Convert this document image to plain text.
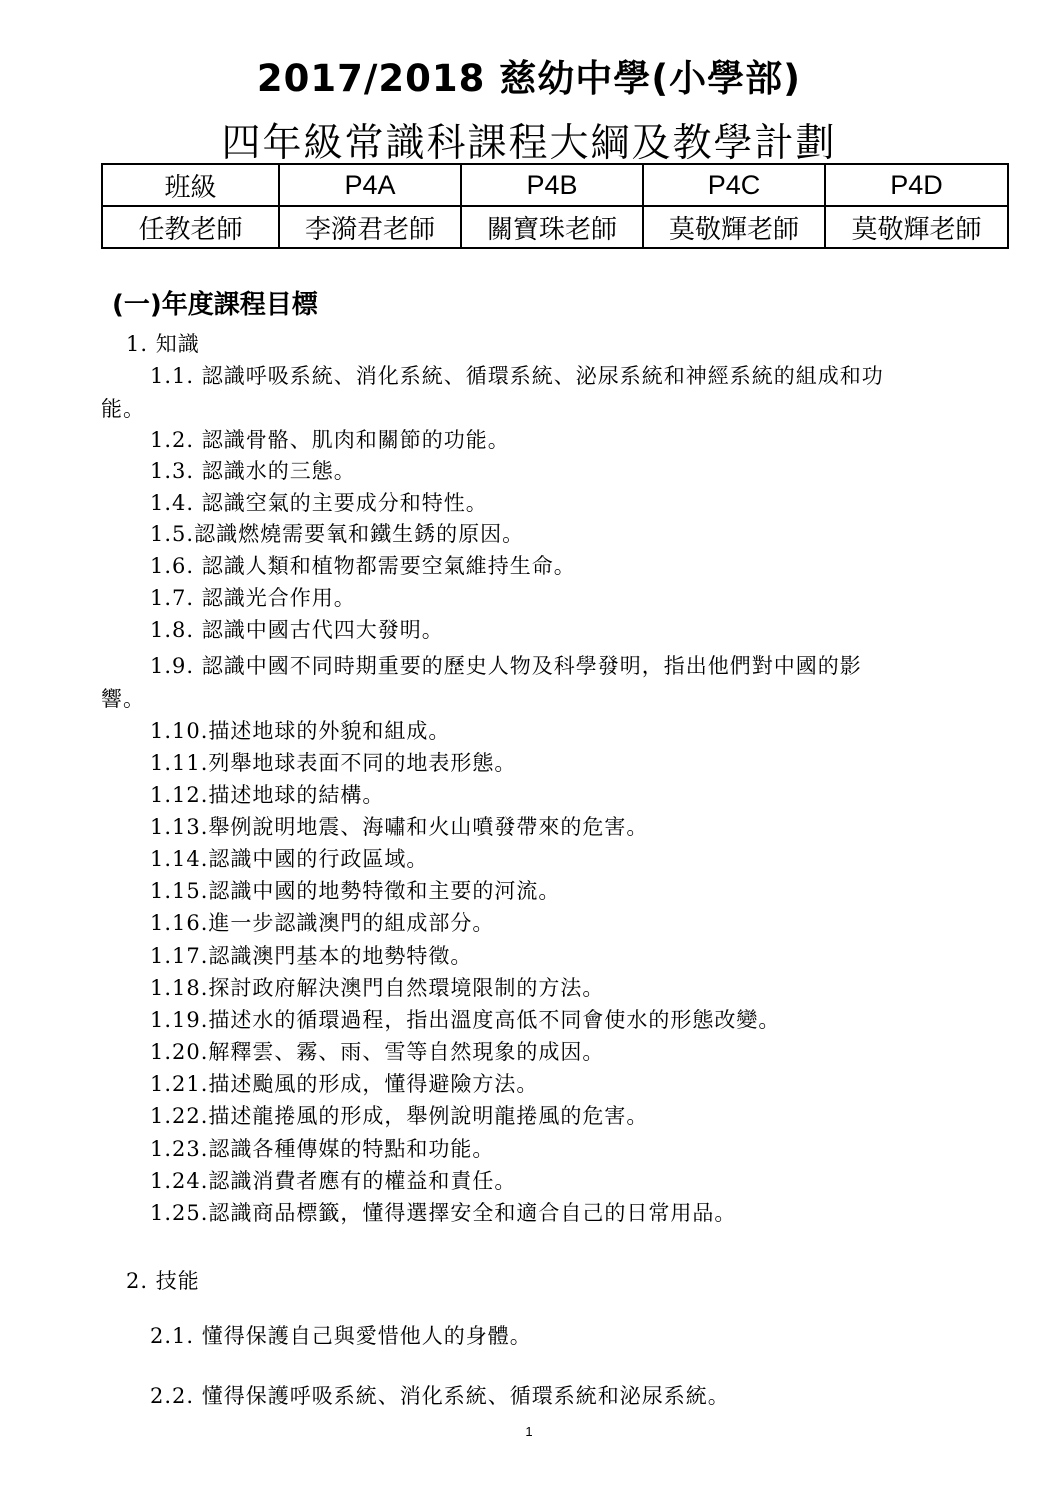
2017/2018 慈幼中學(小學部)
四年級常識科課程大綱及教學計劃
班級	P4A	P4B	P4C	P4D
任教老師	李漪君老師	關寶珠老師	莫敬輝老師	莫敬輝老師
(一)年度課程目標
1. 知識
1.1. 認識呼吸系統、消化系統、循環系統、泌尿系統和神經系統的組成和功
能。
1.2. 認識骨骼、肌肉和關節的功能。
1.3. 認識水的三態。
1.4. 認識空氣的主要成分和特性。
1.5.認識燃燒需要氧和鐵生銹的原因。
1.6. 認識人類和植物都需要空氣維持生命。
1.7. 認識光合作用。
1.8. 認識中國古代四大發明。
1.9. 認識中國不同時期重要的歷史人物及科學發明，指出他們對中國的影
響。
1.10.描述地球的外貌和組成。
1.11.列舉地球表面不同的地表形態。
1.12.描述地球的結構。
1.13.舉例說明地震、海嘯和火山噴發帶來的危害。
1.14.認識中國的行政區域。
1.15.認識中國的地勢特徵和主要的河流。
1.16.進一步認識澳門的組成部分。
1.17.認識澳門基本的地勢特徵。
1.18.探討政府解決澳門自然環境限制的方法。
1.19.描述水的循環過程，指出溫度高低不同會使水的形態改變。
1.20.解釋雲、霧、雨、雪等自然現象的成因。
1.21.描述颱風的形成，懂得避險方法。
1.22.描述龍捲風的形成，舉例說明龍捲風的危害。
1.23.認識各種傳媒的特點和功能。
1.24.認識消費者應有的權益和責任。
1.25.認識商品標籤，懂得選擇安全和適合自己的日常用品。
2. 技能
2.1. 懂得保護自己與愛惜他人的身體。
2.2. 懂得保護呼吸系統、消化系統、循環系統和泌尿系統。
1
